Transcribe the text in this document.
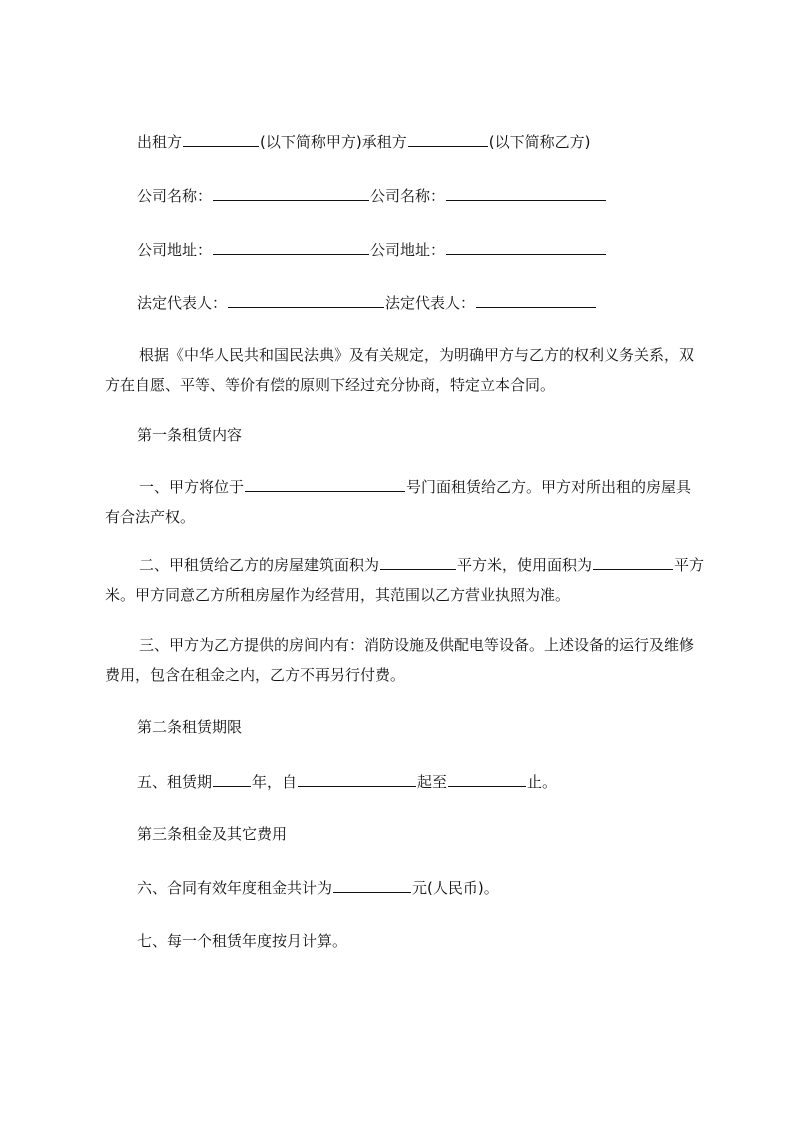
出租方	(以下简称甲方)承租方	(以下简称乙方)
公司名称：	公司名称：
公司地址：	公司地址：
法定代表人：	法定代表人：
根据《中华人民共和国民法典》及有关规定，为明确甲方与乙方的权利义务关系，双方在自愿、平等、等价有偿的原则下经过充分协商，特定立本合同。
第一条租赁内容
一、甲方将位于	号门面租赁给乙方。甲方对所出租的房屋具有合法产权。
二、甲租赁给乙方的房屋建筑面积为	平方米，使用面积为	平方米。甲方同意乙方所租房屋作为经营用，其范围以乙方营业执照为准。
三、甲方为乙方提供的房间内有：消防设施及供配电等设备。上述设备的运行及维修费用，包含在租金之内，乙方不再另行付费。
第二条租赁期限
五、租赁期	年，自	起至	止。
第三条租金及其它费用
六、合同有效年度租金共计为	元(人民币)。
七、每一个租赁年度按月计算。
